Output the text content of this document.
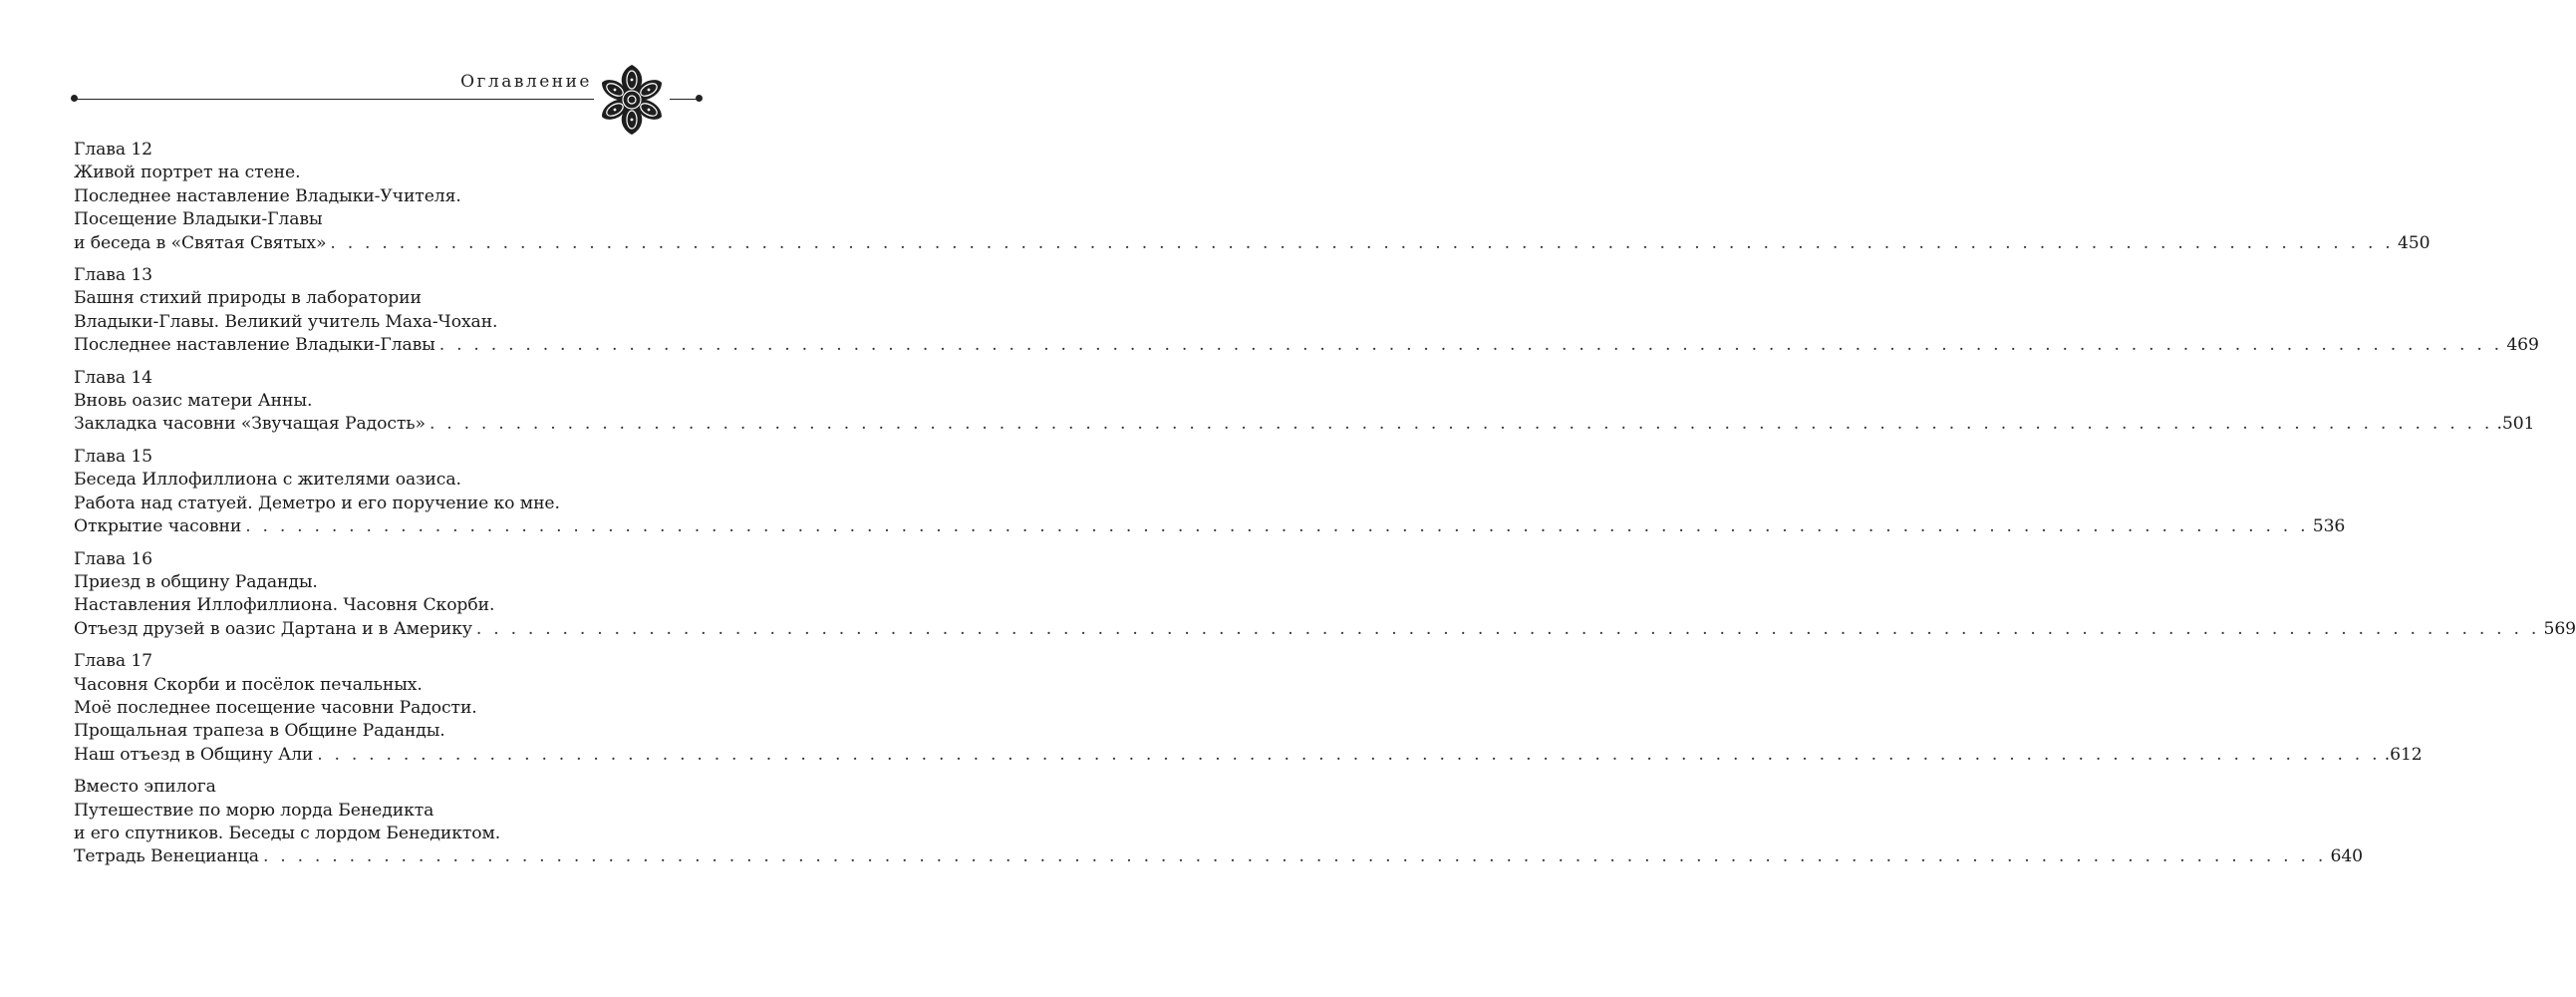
Оглавление
Глава 12
Живой портрет на стене.
Последнее наставление Владыки-Учителя.
Посещение Владыки-Главы
и беседа в «Святая Святых» . . . . . . . . . . . . . . . . . . . . . . . . . . . . . . . . . . . . . . . . . . . . . . . . . . . . . . . . . . . . . . . . . . . . . . . . . . . . . . . . . . . . . . . . . . . . . . . . . . . . . . . . . . . . . . . . . . . . . . . . 450
Глава 13
Башня стихий природы в лаборатории
Владыки-Главы. Великий учитель Маха-Чохан.
Последнее наставление Владыки-Главы . . . . . . . . . . . . . . . . . . . . . . . . . . . . . . . . . . . . . . . . . . . . . . . . . . . . . . . . . . . . . . . . . . . . . . . . . . . . . . . . . . . . . . . . . . . . . . . . . . . . . . . . . . . . . . . . . . . . . . . . 469
Глава 14
Вновь оазис матери Анны.
Закладка часовни «Звучащая Радость» . . . . . . . . . . . . . . . . . . . . . . . . . . . . . . . . . . . . . . . . . . . . . . . . . . . . . . . . . . . . . . . . . . . . . . . . . . . . . . . . . . . . . . . . . . . . . . . . . . . . . . . . . . . . . . . . . . . . . . . . .501
Глава 15
Беседа Иллофиллиона с жителями оазиса.
Работа над статуей. Деметро и его поручение ко мне.
Открытие часовни . . . . . . . . . . . . . . . . . . . . . . . . . . . . . . . . . . . . . . . . . . . . . . . . . . . . . . . . . . . . . . . . . . . . . . . . . . . . . . . . . . . . . . . . . . . . . . . . . . . . . . . . . . . . . . . . . . . . . . . . 536
Глава 16
Приезд в общину Раданды.
Наставления Иллофиллиона. Часовня Скорби.
Отъезд друзей в оазис Дартана и в Америку . . . . . . . . . . . . . . . . . . . . . . . . . . . . . . . . . . . . . . . . . . . . . . . . . . . . . . . . . . . . . . . . . . . . . . . . . . . . . . . . . . . . . . . . . . . . . . . . . . . . . . . . . . . . . . . . . . . . . . . . 569
Глава 17
Часовня Скорби и посёлок печальных.
Моё последнее посещение часовни Радости.
Прощальная трапеза в Общине Раданды.
Наш отъезд в Общину Али . . . . . . . . . . . . . . . . . . . . . . . . . . . . . . . . . . . . . . . . . . . . . . . . . . . . . . . . . . . . . . . . . . . . . . . . . . . . . . . . . . . . . . . . . . . . . . . . . . . . . . . . . . . . . . . . . . . . . . . . .612
Вместо эпилога
Путешествие по морю лорда Бенедикта
и его спутников. Беседы с лордом Бенедиктом.
Тетрадь Венецианца . . . . . . . . . . . . . . . . . . . . . . . . . . . . . . . . . . . . . . . . . . . . . . . . . . . . . . . . . . . . . . . . . . . . . . . . . . . . . . . . . . . . . . . . . . . . . . . . . . . . . . . . . . . . . . . . . . . . . . . . 640
